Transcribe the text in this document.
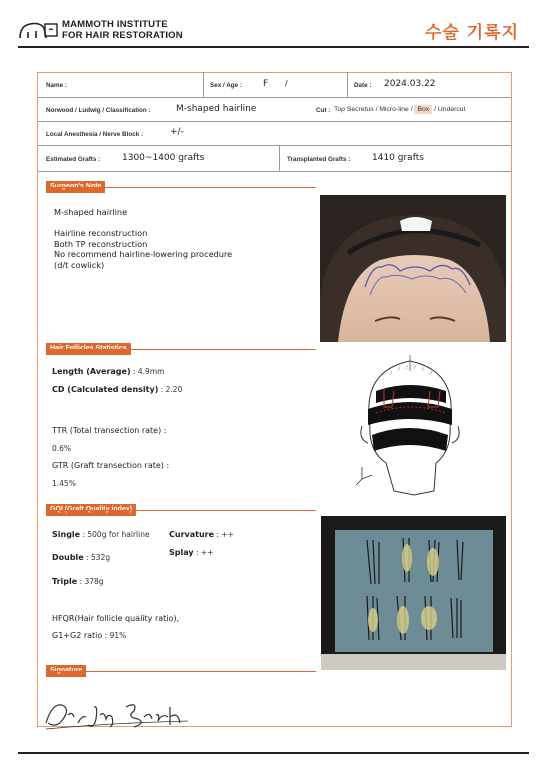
MAMMOTH INSTITUTE
FOR HAIR RESTORATION	수술 기록지
Name :	Sex / Age : F /	Date : 2024.03.22
Norwood / Ludwig / Classification :	M-shaped hairline	Cut : Top Secretus / Micro-line / Box / Undercut
Local Anesthesia / Nerve Block :	+/-
Estimated Grafts : 1300~1400 grafts	Transplanted Grafts : 1410 grafts
M-shaped hairline
Hairline reconstruction
Both TP reconstruction
No recommend hairline-lowering procedure
(d/t cowlick)
Length (Average) : 4.9mm
CD (Calculated density) : 2.20
TTR (Total transection rate) :
0.6%
GTR (Graft transection rate) :
1.45%
Single : 500g for hairline Curvature : ++
Double : 532g
Splay : ++
Triple : 378g
HFQR(Hair follicle quality ratio),
G1+G2 ratio : 91%
